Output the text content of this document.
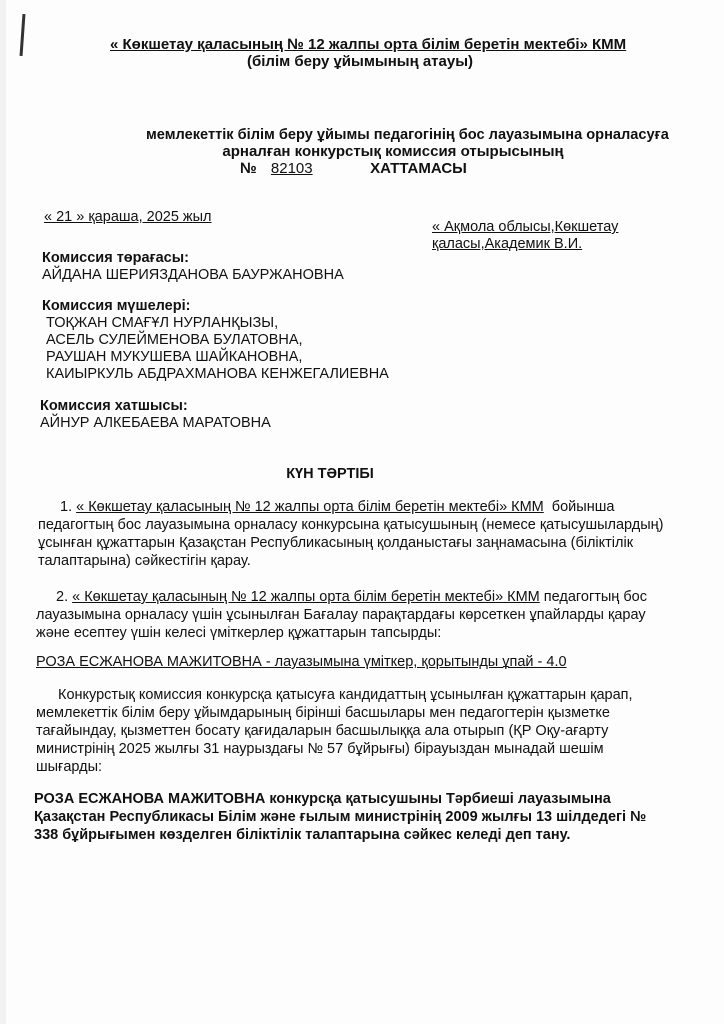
« Көкшетау қаласының № 12 жалпы орта білім беретін мектебі» КММ
(білім беру ұйымының атауы)
мемлекеттік білім беру ұйымы педагогінің бос лауазымына орналасуға
арналған конкурстық комиссия отырысының
№ 82103	ХАТТАМАСЫ
« 21 » қараша, 2025 жыл
« Ақмола облысы,Көкшетау
қаласы,Академик В.И.
Комиссия төрағасы:
АЙДАНА ШЕРИЯЗДАНОВА БАУРЖАНОВНА
Комиссия мүшелері:
ТОҚЖАН СМАҒҰЛ НУРЛАНҚЫЗЫ,
АСЕЛЬ СУЛЕЙМЕНОВА БУЛАТОВНА,
РАУШАН МУКУШЕВА ШАЙКАНОВНА,
КАИЫРКУЛЬ АБДРАХМАНОВА КЕНЖЕГАЛИЕВНА
Комиссия хатшысы:
АЙНУР АЛКЕБАЕВА МАРАТОВНА
КҮН ТӘРТІБІ
1. « Көкшетау қаласының № 12 жалпы орта білім беретін мектебі» КММ бойынша
педагогтың бос лауазымына орналасу конкурсына қатысушының (немесе қатысушылардың)
ұсынған құжаттарын Қазақстан Республикасының қолданыстағы заңнамасына (біліктілік
талаптарына) сәйкестігін қарау.
2. « Көкшетау қаласының № 12 жалпы орта білім беретін мектебі» КММ педагогтың бос
лауазымына орналасу үшін ұсынылған Бағалау парақтардағы көрсеткен ұпайларды қарау
және есептеу үшін келесі үміткерлер құжаттарын тапсырды:
РОЗА ЕСЖАНОВА МАЖИТОВНА - лауазымына үміткер, қорытынды ұпай - 4.0
Конкурстық комиссия конкурсқа қатысуға кандидаттың ұсынылған құжаттарын қарап,
мемлекеттік білім беру ұйымдарының бірінші басшылары мен педагогтерін қызметке
тағайындау, қызметтен босату қағидаларын басшылыққа ала отырып (ҚР Оқу-ағарту
министрінің 2025 жылғы 31 наурыздағы № 57 бұйрығы) бірауыздан мынадай шешім
шығарды:
РОЗА ЕСЖАНОВА МАЖИТОВНА конкурсқа қатысушыны Тәрбиеші лауазымына
Қазақстан Республикасы Білім және ғылым министрінің 2009 жылғы 13 шілдедегі №
338 бұйрығымен көзделген біліктілік талаптарына сәйкес келеді деп тану.
